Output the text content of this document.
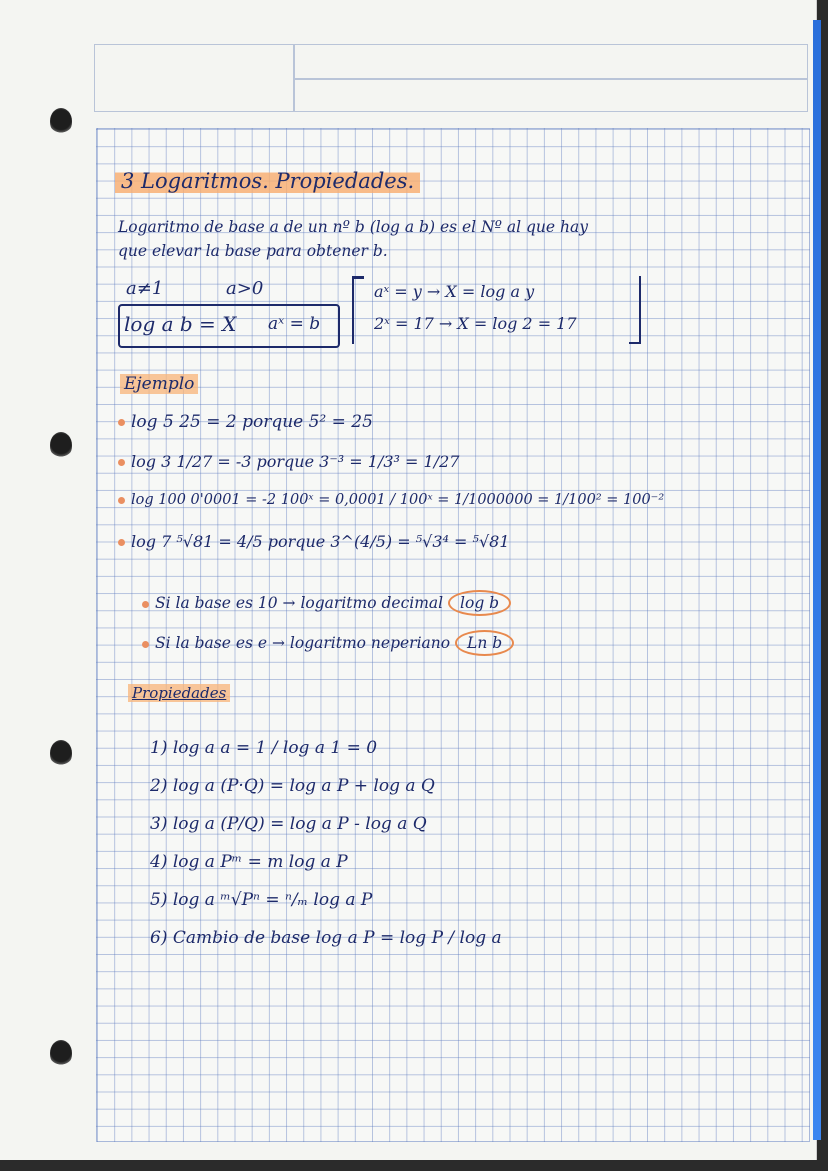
3 Logaritmos. Propiedades.
Logaritmo de base a de un nº b (log a b) es el Nº al que hay
que elevar la base para obtener b.
a≠1	a>0
log a b = X aˣ = b
aˣ = y → X = log a y
2ˣ = 17 → X = log 2 = 17
Ejemplo
log 5 25 = 2 porque 5² = 25
log 3 1/27 = -3 porque 3⁻³ = 1/3³ = 1/27
log 100 0'0001 = -2 100ˣ = 0,0001 / 100ˣ = 1/1000000 = 1/100² = 100⁻²
log 7 ⁵√81 = 4/5 porque 3^(4/5) = ⁵√3⁴ = ⁵√81
Si la base es 10 → logaritmo decimal log b
Si la base es e → logaritmo neperiano Ln b
Propiedades
1) log a a = 1 / log a 1 = 0
2) log a (P·Q) = log a P + log a Q
3) log a (P/Q) = log a P - log a Q
4) log a Pᵐ = m log a P
5) log a ᵐ√Pⁿ = ⁿ/ₘ log a P
6) Cambio de base log a P = log P / log a
